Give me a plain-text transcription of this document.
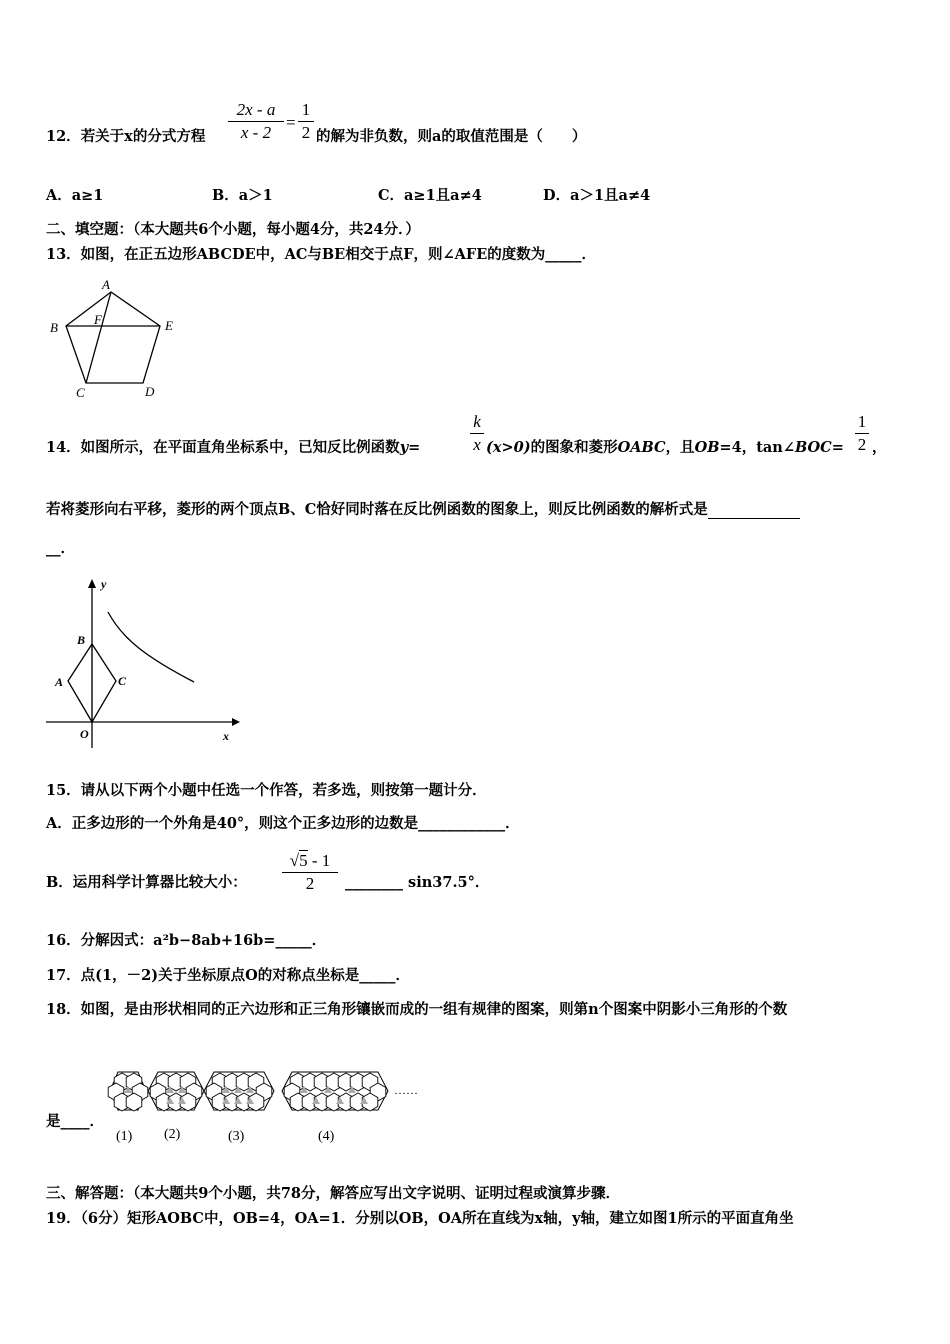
12．若关于x的分式方程
2x - a
x - 2
=
1
2 的解为非负数，则a的取值范围是（　　）
A．a≥1	B．a＞1	C．a≥1且a≠4	D．a＞1且a≠4
二、填空题：（本大题共6个小题，每小题4分，共24分．）
13．如图，在正五边形ABCDE中，AC与BE相交于点F，则∠AFE的度数为_____．
A
B	E
F
C	D
14．如图所示，在平面直角坐标系中，已知反比例函数y=
k
x (x>0)的图象和菱形OABC，且OB=4，tan∠BOC=
1
2 ，
若将菱形向右平移，菱形的两个顶点B、C恰好同时落在反比例函数的图象上，则反比例函数的解析式是
__．
y
B
A	C
O	x
15．请从以下两个小题中任选一个作答，若多选，则按第一题计分．
A．正多边形的一个外角是40°，则这个正多边形的边数是____________．
B．运用科学计算器比较大小：
√5 - 1
2	________ sin37.5°．
16．分解因式：a²b−8ab+16b=_____．
17．点(1，－2)关于坐标原点O的对称点坐标是_____．
18．如图，是由形状相同的正六边形和正三角形镶嵌而成的一组有规律的图案，则第n个图案中阴影小三角形的个数
是____．
……
(1) (2)	(3)	(4)
三、解答题：（本大题共9个小题，共78分，解答应写出文字说明、证明过程或演算步骤．
19．（6分）矩形AOBC中，OB=4，OA=1．分别以OB，OA所在直线为x轴，y轴，建立如图1所示的平面直角坐
